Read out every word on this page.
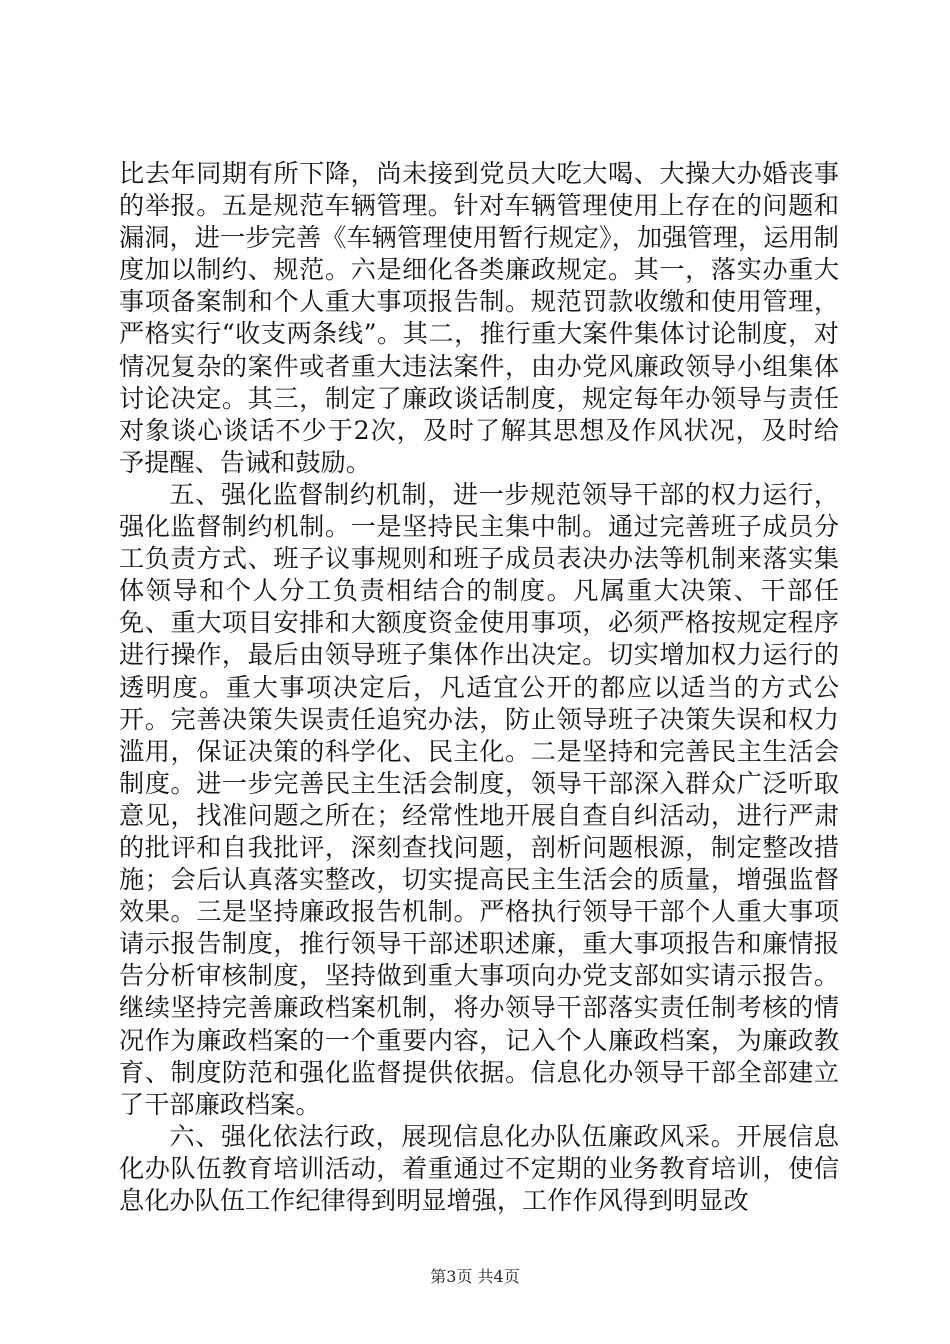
比去年同期有所下降，尚未接到党员大吃大喝、大操大办婚丧事的举报。五是规范车辆管理。针对车辆管理使用上存在的问题和漏洞，进一步完善《车辆管理使用暂行规定》，加强管理，运用制度加以制约、规范。六是细化各类廉政规定。其一，落实办重大事项备案制和个人重大事项报告制。规范罚款收缴和使用管理，严格实行“收支两条线”。其二，推行重大案件集体讨论制度，对情况复杂的案件或者重大违法案件，由办党风廉政领导小组集体讨论决定。其三，制定了廉政谈话制度，规定每年办领导与责任对象谈心谈话不少于2次，及时了解其思想及作风状况，及时给予提醒、告诫和鼓励。

五、强化监督制约机制，进一步规范领导干部的权力运行，强化监督制约机制。一是坚持民主集中制。通过完善班子成员分工负责方式、班子议事规则和班子成员表决办法等机制来落实集体领导和个人分工负责相结合的制度。凡属重大决策、干部任免、重大项目安排和大额度资金使用事项，必须严格按规定程序进行操作，最后由领导班子集体作出决定。切实增加权力运行的透明度。重大事项决定后，凡适宜公开的都应以适当的方式公开。完善决策失误责任追究办法，防止领导班子决策失误和权力滥用，保证决策的科学化、民主化。二是坚持和完善民主生活会制度。进一步完善民主生活会制度，领导干部深入群众广泛听取意见，找准问题之所在；经常性地开展自查自纠活动，进行严肃的批评和自我批评，深刻查找问题，剖析问题根源，制定整改措施；会后认真落实整改，切实提高民主生活会的质量，增强监督效果。三是坚持廉政报告机制。严格执行领导干部个人重大事项请示报告制度，推行领导干部述职述廉，重大事项报告和廉情报告分析审核制度，坚持做到重大事项向办党支部如实请示报告。继续坚持完善廉政档案机制，将办领导干部落实责任制考核的情况作为廉政档案的一个重要内容，记入个人廉政档案，为廉政教育、制度防范和强化监督提供依据。信息化办领导干部全部建立了干部廉政档案。

六、强化依法行政，展现信息化办队伍廉政风采。开展信息化办队伍教育培训活动，着重通过不定期的业务教育培训，使信息化办队伍工作纪律得到明显增强，工作作风得到明显改

第3页 共4页
